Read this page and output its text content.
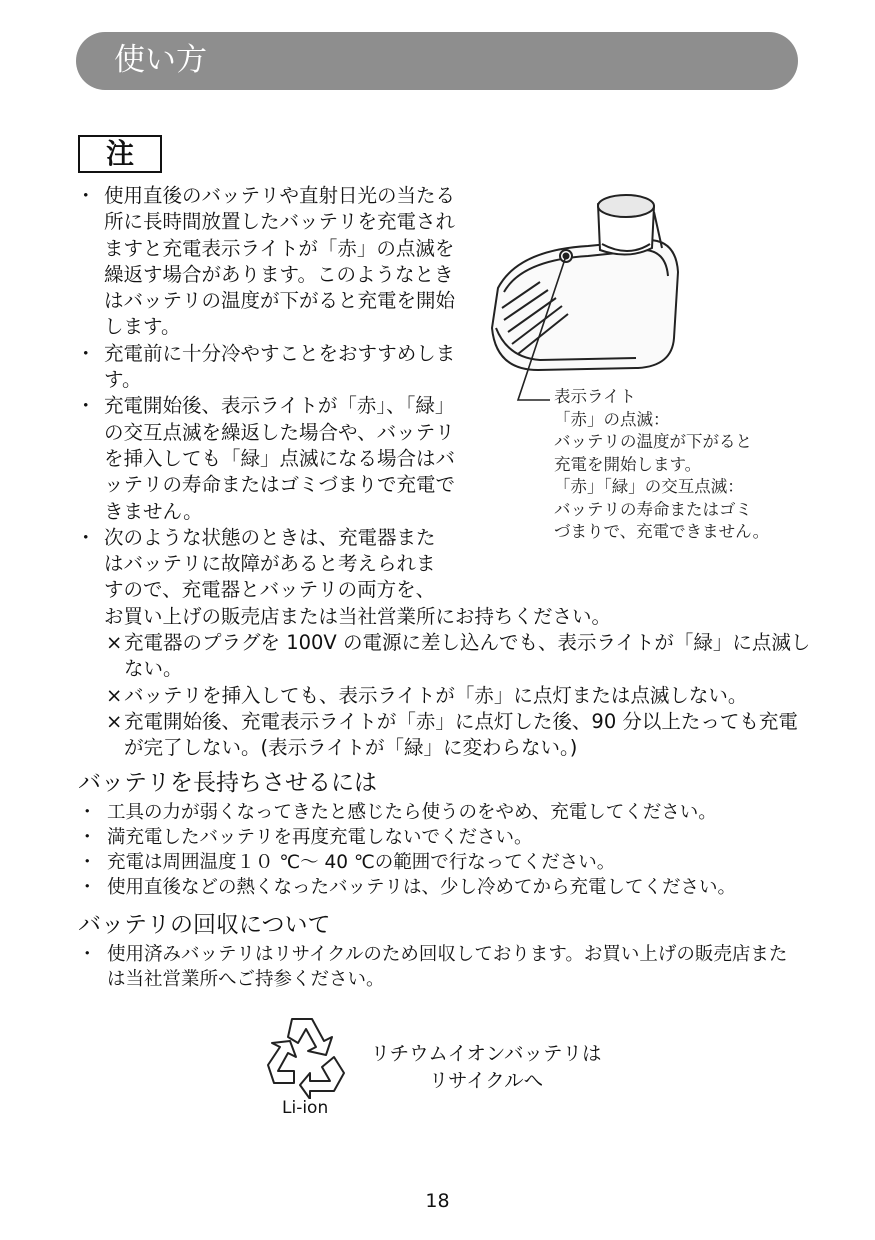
使い方
注
・ 使用直後のバッテリや直射日光の当たる所に長時間放置したバッテリを充電されますと充電表示ライトが「赤」の点滅を繰返す場合があります。このようなときはバッテリの温度が下がると充電を開始します。
・ 充電前に十分冷やすことをおすすめします。
・ 充電開始後、表示ライトが「赤」、「緑」の交互点滅を繰返した場合や、バッテリを挿入しても「緑」点滅になる場合はバッテリの寿命またはゴミづまりで充電できません。
・ 次のような状態のときは、充電器また
はバッテリに故障があると考えられま
すので、充電器とバッテリの両方を、
お買い上げの販売店または当社営業所にお持ちください。
× 充電器のプラグを 100V の電源に差し込んでも、表示ライトが「緑」に点滅しない。
× バッテリを挿入しても、表示ライトが「赤」に点灯または点滅しない。
× 充電開始後、充電表示ライトが「赤」に点灯した後、90 分以上たっても充電が完了しない。(表示ライトが「緑」に変わらない。)
表示ライト
「赤」の点滅：
バッテリの温度が下がると
充電を開始します。
「赤」「緑」の交互点滅：
バッテリの寿命またはゴミ
づまりで、充電できません。
バッテリを長持ちさせるには
・ 工具の力が弱くなってきたと感じたら使うのをやめ、充電してください。
・ 満充電したバッテリを再度充電しないでください。
・ 充電は周囲温度１０ ℃～ 40 ℃の範囲で行なってください。
・ 使用直後などの熱くなったバッテリは、少し冷めてから充電してください。
バッテリの回収について
・ 使用済みバッテリはリサイクルのため回収しております。お買い上げの販売店または当社営業所へご持参ください。
Li-ion
リチウムイオンバッテリは
リサイクルへ
18
